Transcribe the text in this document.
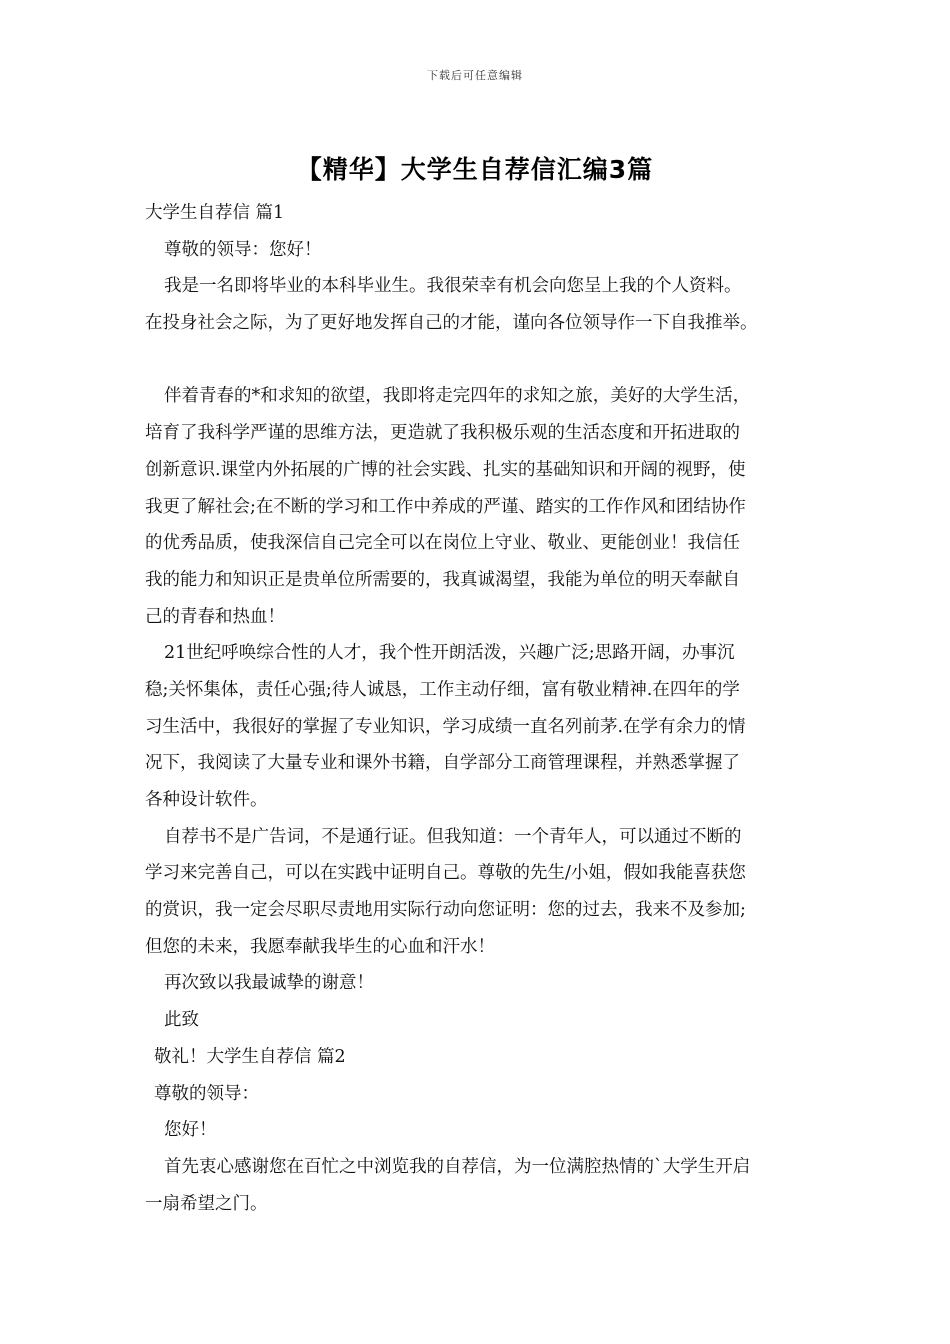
下载后可任意编辑
【精华】大学生自荐信汇编3篇
大学生自荐信 篇1
尊敬的领导：您好！
我是一名即将毕业的本科毕业生。我很荣幸有机会向您呈上我的个人资料。
在投身社会之际，为了更好地发挥自己的才能，谨向各位领导作一下自我推举。
伴着青春的*和求知的欲望，我即将走完四年的求知之旅，美好的大学生活，
培育了我科学严谨的思维方法，更造就了我积极乐观的生活态度和开拓进取的
创新意识.课堂内外拓展的广博的社会实践、扎实的基础知识和开阔的视野，使
我更了解社会;在不断的学习和工作中养成的严谨、踏实的工作作风和团结协作
的优秀品质，使我深信自己完全可以在岗位上守业、敬业、更能创业！我信任
我的能力和知识正是贵单位所需要的，我真诚渴望，我能为单位的明天奉献自
己的青春和热血！
21世纪呼唤综合性的人才，我个性开朗活泼，兴趣广泛;思路开阔，办事沉
稳;关怀集体，责任心强;待人诚恳，工作主动仔细，富有敬业精神.在四年的学
习生活中，我很好的掌握了专业知识，学习成绩一直名列前茅.在学有余力的情
况下，我阅读了大量专业和课外书籍，自学部分工商管理课程，并熟悉掌握了
各种设计软件。
自荐书不是广告词，不是通行证。但我知道：一个青年人，可以通过不断的
学习来完善自己，可以在实践中证明自己。尊敬的先生/小姐，假如我能喜获您
的赏识，我一定会尽职尽责地用实际行动向您证明：您的过去，我来不及参加;
但您的未来，我愿奉献我毕生的心血和汗水！
再次致以我最诚挚的谢意！
此致
敬礼！大学生自荐信 篇2
尊敬的领导：
您好！
首先衷心感谢您在百忙之中浏览我的自荐信，为一位满腔热情的`大学生开启
一扇希望之门。
